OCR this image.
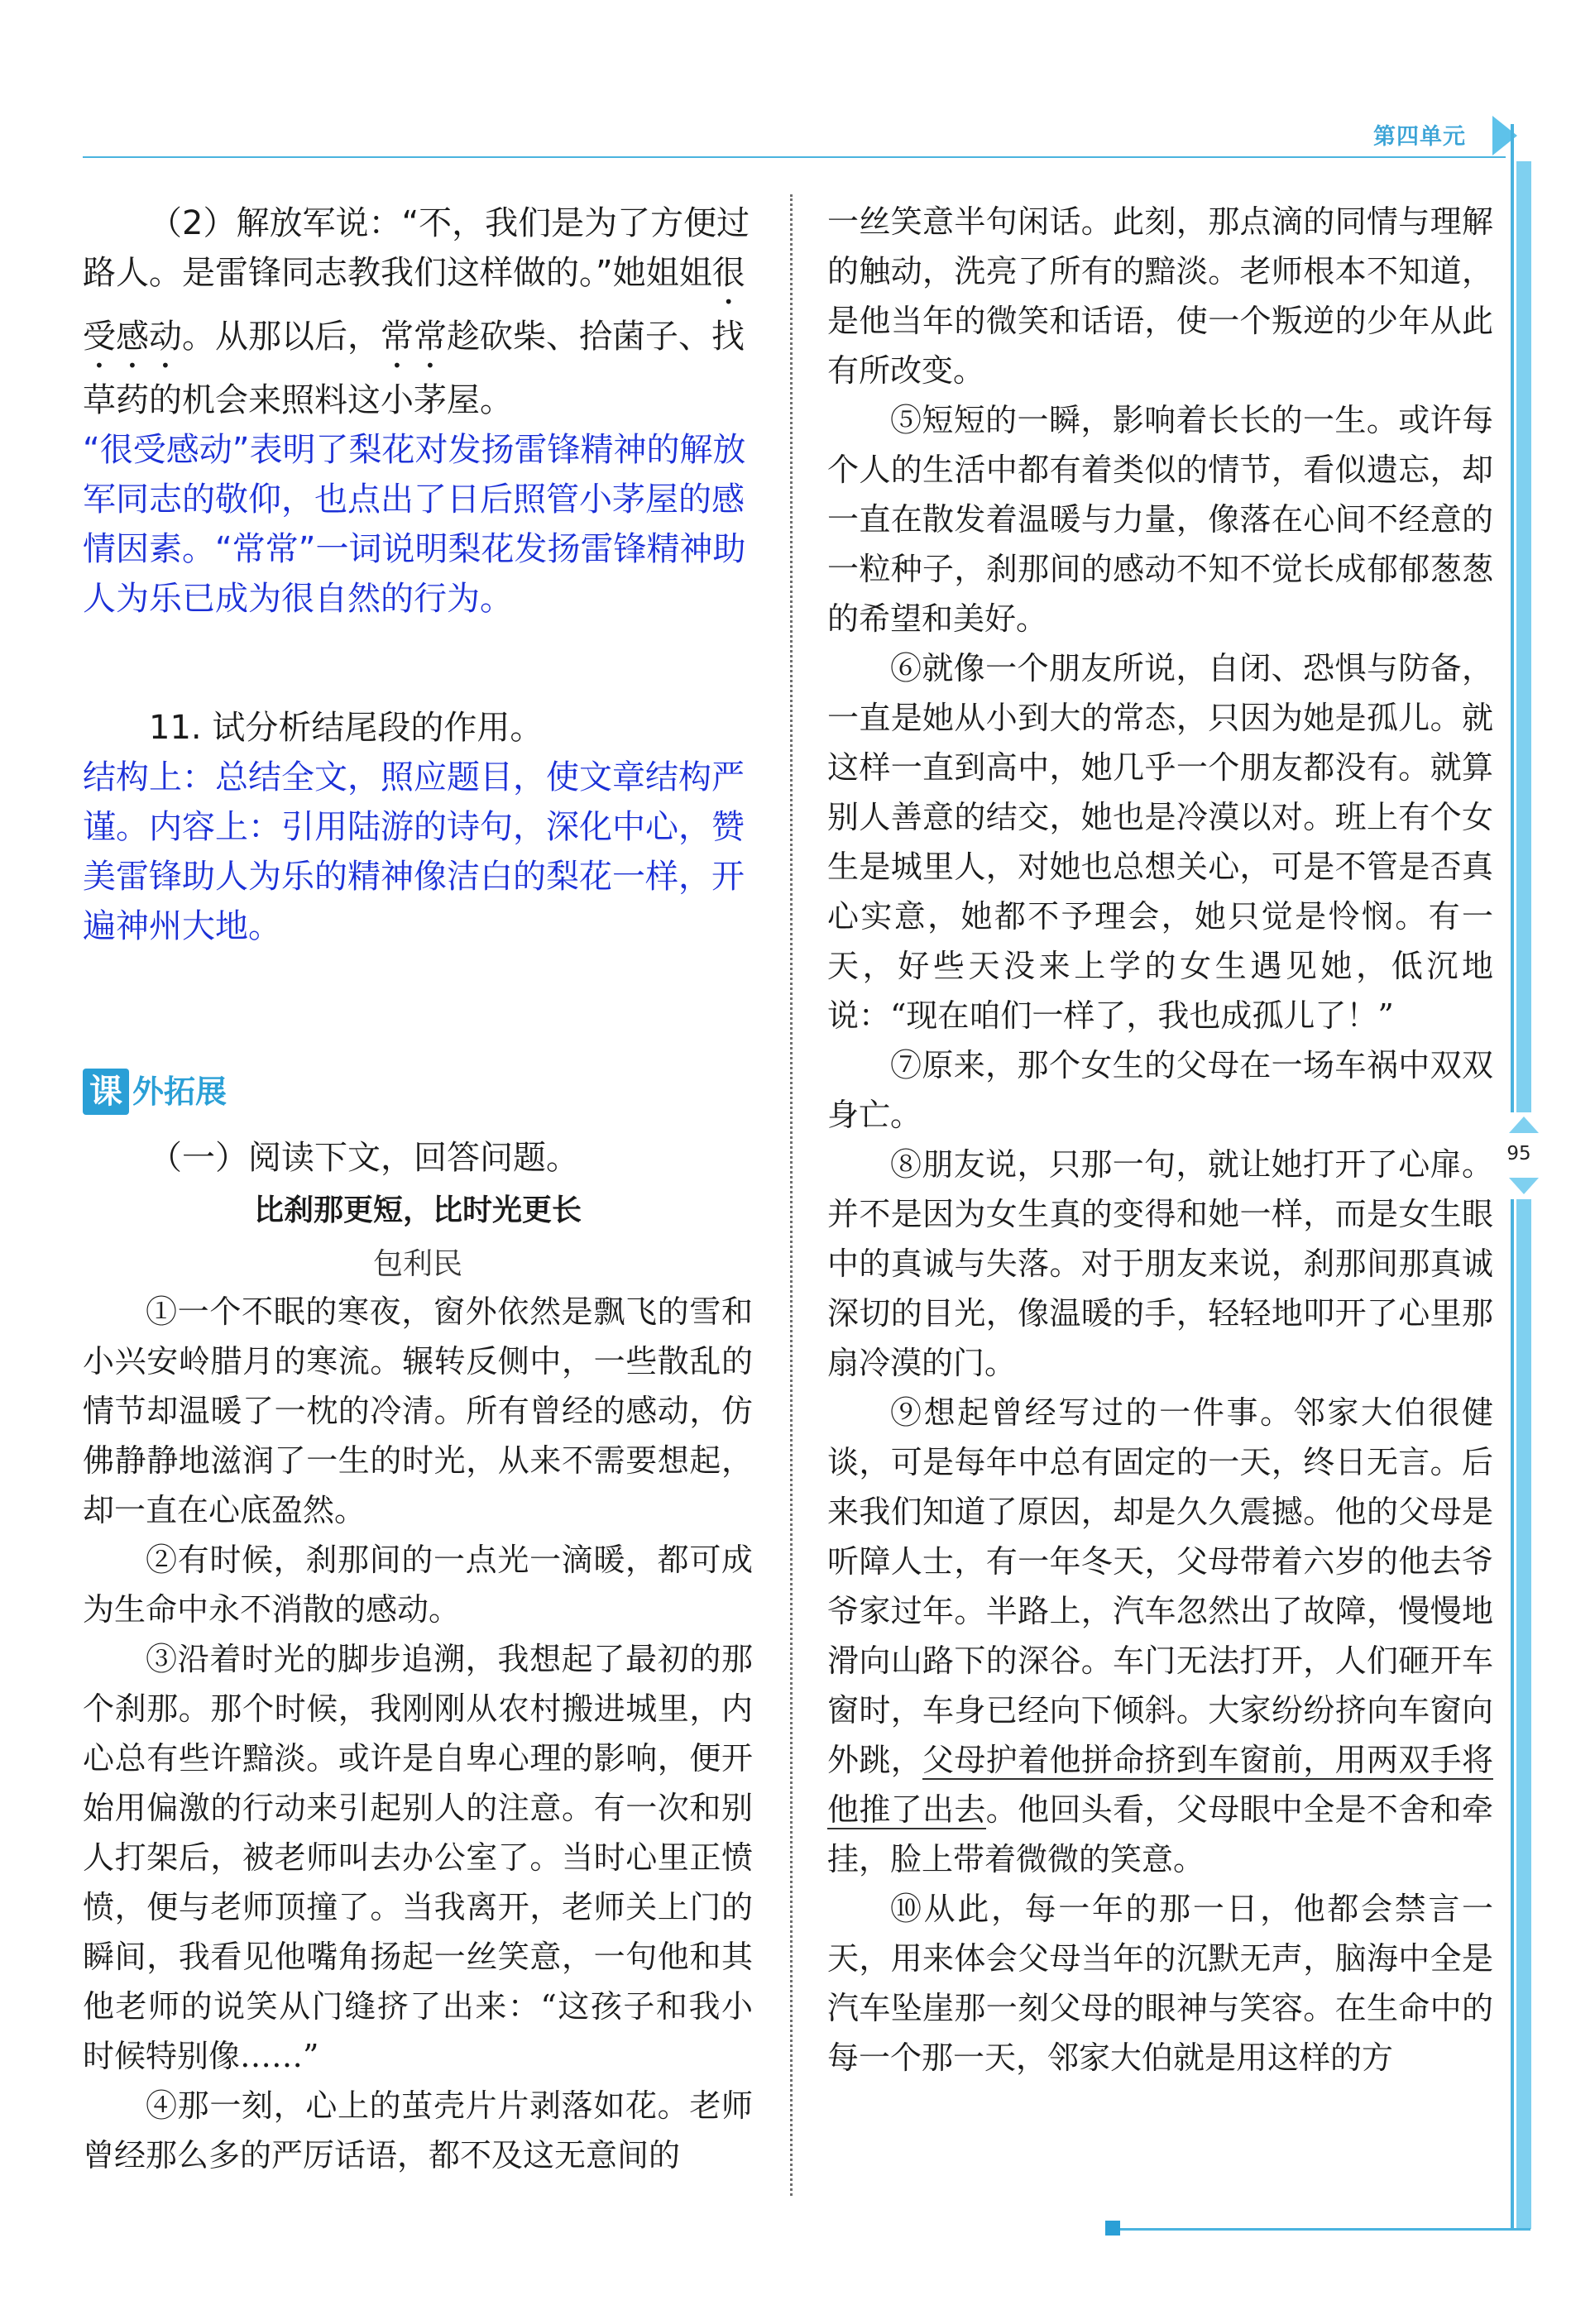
第四单元
95

（2）解放军说：“不，我们是为了方便过路人。是雷锋同志教我们这样做的。”她姐姐很受感动。从那以后，常常趁砍柴、拾菌子、找草药的机会来照料这小茅屋。

“很受感动”表明了梨花对发扬雷锋精神的解放军同志的敬仰，也点出了日后照管小茅屋的感情因素。“常常”一词说明梨花发扬雷锋精神助人为乐已成为很自然的行为。

11. 试分析结尾段的作用。

结构上：总结全文，照应题目，使文章结构严谨。内容上：引用陆游的诗句，深化中心，赞美雷锋助人为乐的精神像洁白的梨花一样，开遍神州大地。

课 外拓展

（一）阅读下文，回答问题。

比刹那更短，比时光更长
包利民

①一个不眠的寒夜，窗外依然是飘飞的雪和小兴安岭腊月的寒流。辗转反侧中，一些散乱的情节却温暖了一枕的冷清。所有曾经的感动，仿佛静静地滋润了一生的时光，从来不需要想起，却一直在心底盈然。

②有时候，刹那间的一点光一滴暖，都可成为生命中永不消散的感动。

③沿着时光的脚步追溯，我想起了最初的那个刹那。那个时候，我刚刚从农村搬进城里，内心总有些许黯淡。或许是自卑心理的影响，便开始用偏激的行动来引起别人的注意。有一次和别人打架后，被老师叫去办公室了。当时心里正愤愤，便与老师顶撞了。当我离开，老师关上门的瞬间，我看见他嘴角扬起一丝笑意，一句他和其他老师的说笑从门缝挤了出来：“这孩子和我小时候特别像……”

④那一刻，心上的茧壳片片剥落如花。老师曾经那么多的严厉话语，都不及这无意间的

一丝笑意半句闲话。此刻，那点滴的同情与理解的触动，洗亮了所有的黯淡。老师根本不知道，是他当年的微笑和话语，使一个叛逆的少年从此有所改变。

⑤短短的一瞬，影响着长长的一生。或许每个人的生活中都有着类似的情节，看似遗忘，却一直在散发着温暖与力量，像落在心间不经意的一粒种子，刹那间的感动不知不觉长成郁郁葱葱的希望和美好。

⑥就像一个朋友所说，自闭、恐惧与防备，一直是她从小到大的常态，只因为她是孤儿。就这样一直到高中，她几乎一个朋友都没有。就算别人善意的结交，她也是冷漠以对。班上有个女生是城里人，对她也总想关心，可是不管是否真心实意，她都不予理会，她只觉是怜悯。有一天，好些天没来上学的女生遇见她，低沉地说：“现在咱们一样了，我也成孤儿了！”

⑦原来，那个女生的父母在一场车祸中双双身亡。

⑧朋友说，只那一句，就让她打开了心扉。并不是因为女生真的变得和她一样，而是女生眼中的真诚与失落。对于朋友来说，刹那间那真诚深切的目光，像温暖的手，轻轻地叩开了心里那扇冷漠的门。

⑨想起曾经写过的一件事。邻家大伯很健谈，可是每年中总有固定的一天，终日无言。后来我们知道了原因，却是久久震撼。他的父母是听障人士，有一年冬天，父母带着六岁的他去爷爷家过年。半路上，汽车忽然出了故障，慢慢地滑向山路下的深谷。车门无法打开，人们砸开车窗时，车身已经向下倾斜。大家纷纷挤向车窗向外跳，父母护着他拼命挤到车窗前，用两双手将他推了出去。他回头看，父母眼中全是不舍和牵挂，脸上带着微微的笑意。

⑩从此，每一年的那一日，他都会禁言一天，用来体会父母当年的沉默无声，脑海中全是汽车坠崖那一刻父母的眼神与笑容。在生命中的每一个那一天，邻家大伯就是用这样的方
